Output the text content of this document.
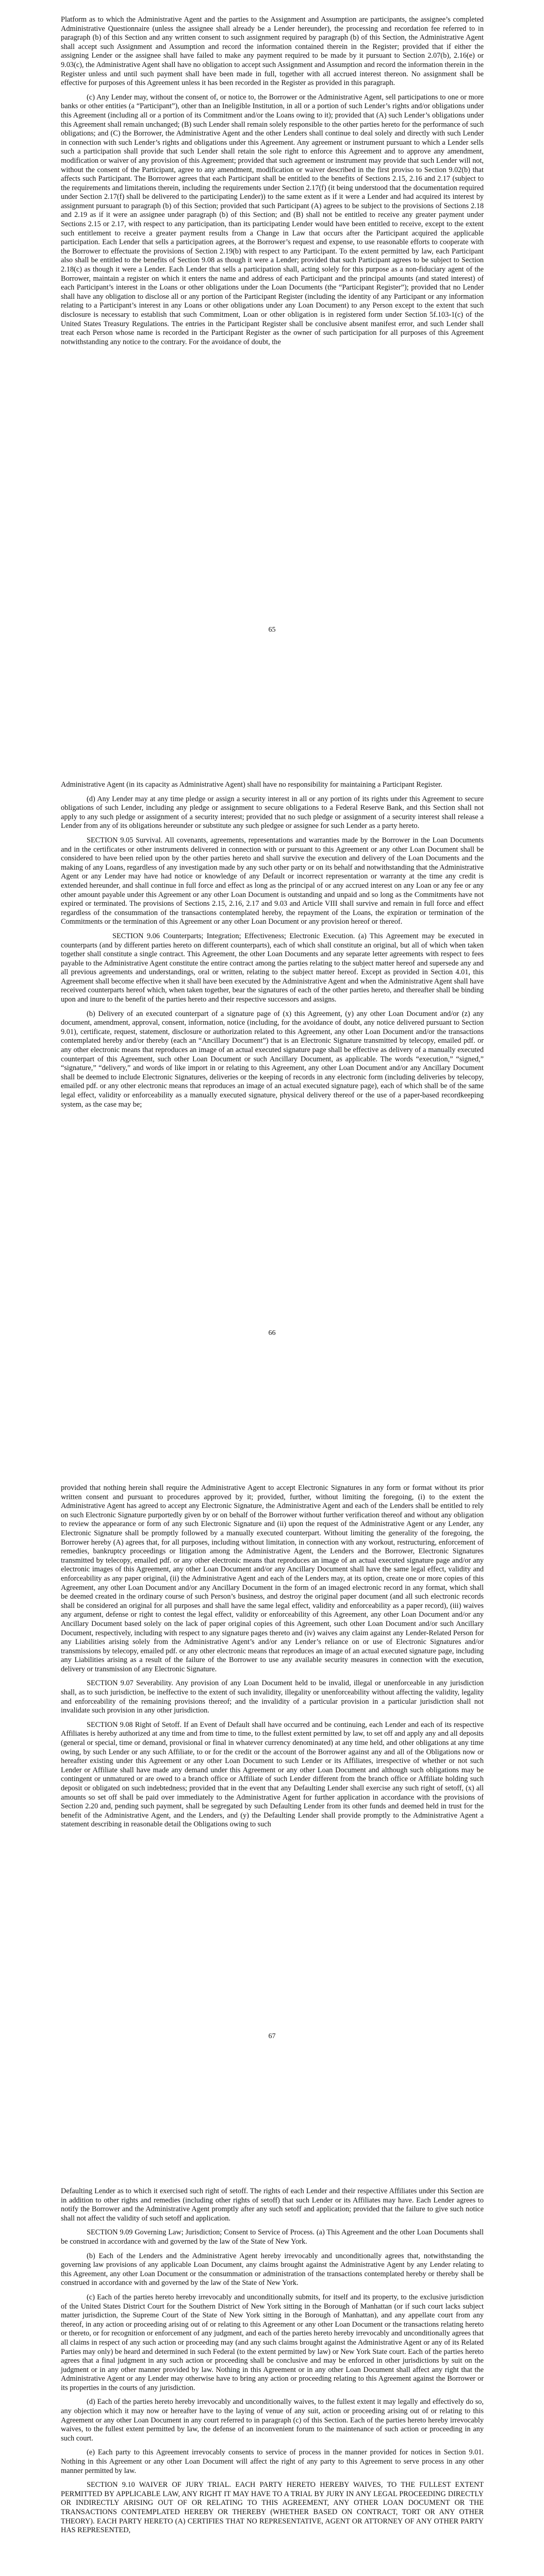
Platform as to which the Administrative Agent and the parties to the Assignment and Assumption are participants, the assignee’s completed Administrative Questionnaire (unless the assignee shall already be a Lender hereunder), the processing and recordation fee referred to in paragraph (b) of this Section and any written consent to such assignment required by paragraph (b) of this Section, the Administrative Agent shall accept such Assignment and Assumption and record the information contained therein in the Register; provided that if either the assigning Lender or the assignee shall have failed to make any payment required to be made by it pursuant to Section 2.07(b), 2.16(e) or 9.03(c), the Administrative Agent shall have no obligation to accept such Assignment and Assumption and record the information therein in the Register unless and until such payment shall have been made in full, together with all accrued interest thereon. No assignment shall be effective for purposes of this Agreement unless it has been recorded in the Register as provided in this paragraph.

(c) Any Lender may, without the consent of, or notice to, the Borrower or the Administrative Agent, sell participations to one or more banks or other entities (a “Participant”), other than an Ineligible Institution, in all or a portion of such Lender’s rights and/or obligations under this Agreement (including all or a portion of its Commitment and/or the Loans owing to it); provided that (A) such Lender’s obligations under this Agreement shall remain unchanged; (B) such Lender shall remain solely responsible to the other parties hereto for the performance of such obligations; and (C) the Borrower, the Administrative Agent and the other Lenders shall continue to deal solely and directly with such Lender in connection with such Lender’s rights and obligations under this Agreement. Any agreement or instrument pursuant to which a Lender sells such a participation shall provide that such Lender shall retain the sole right to enforce this Agreement and to approve any amendment, modification or waiver of any provision of this Agreement; provided that such agreement or instrument may provide that such Lender will not, without the consent of the Participant, agree to any amendment, modification or waiver described in the first proviso to Section 9.02(b) that affects such Participant. The Borrower agrees that each Participant shall be entitled to the benefits of Sections 2.15, 2.16 and 2.17 (subject to the requirements and limitations therein, including the requirements under Section 2.17(f) (it being understood that the documentation required under Section 2.17(f) shall be delivered to the participating Lender)) to the same extent as if it were a Lender and had acquired its interest by assignment pursuant to paragraph (b) of this Section; provided that such Participant (A) agrees to be subject to the provisions of Sections 2.18 and 2.19 as if it were an assignee under paragraph (b) of this Section; and (B) shall not be entitled to receive any greater payment under Sections 2.15 or 2.17, with respect to any participation, than its participating Lender would have been entitled to receive, except to the extent such entitlement to receive a greater payment results from a Change in Law that occurs after the Participant acquired the applicable participation. Each Lender that sells a participation agrees, at the Borrower’s request and expense, to use reasonable efforts to cooperate with the Borrower to effectuate the provisions of Section 2.19(b) with respect to any Participant. To the extent permitted by law, each Participant also shall be entitled to the benefits of Section 9.08 as though it were a Lender; provided that such Participant agrees to be subject to Section 2.18(c) as though it were a Lender. Each Lender that sells a participation shall, acting solely for this purpose as a non-fiduciary agent of the Borrower, maintain a register on which it enters the name and address of each Participant and the principal amounts (and stated interest) of each Participant’s interest in the Loans or other obligations under the Loan Documents (the “Participant Register”); provided that no Lender shall have any obligation to disclose all or any portion of the Participant Register (including the identity of any Participant or any information relating to a Participant’s interest in any Loans or other obligations under any Loan Document) to any Person except to the extent that such disclosure is necessary to establish that such Commitment, Loan or other obligation is in registered form under Section 5f.103-1(c) of the United States Treasury Regulations. The entries in the Participant Register shall be conclusive absent manifest error, and such Lender shall treat each Person whose name is recorded in the Participant Register as the owner of such participation for all purposes of this Agreement notwithstanding any notice to the contrary. For the avoidance of doubt, the

65

Administrative Agent (in its capacity as Administrative Agent) shall have no responsibility for maintaining a Participant Register.

(d) Any Lender may at any time pledge or assign a security interest in all or any portion of its rights under this Agreement to secure obligations of such Lender, including any pledge or assignment to secure obligations to a Federal Reserve Bank, and this Section shall not apply to any such pledge or assignment of a security interest; provided that no such pledge or assignment of a security interest shall release a Lender from any of its obligations hereunder or substitute any such pledgee or assignee for such Lender as a party hereto.

SECTION 9.05 Survival. All covenants, agreements, representations and warranties made by the Borrower in the Loan Documents and in the certificates or other instruments delivered in connection with or pursuant to this Agreement or any other Loan Document shall be considered to have been relied upon by the other parties hereto and shall survive the execution and delivery of the Loan Documents and the making of any Loans, regardless of any investigation made by any such other party or on its behalf and notwithstanding that the Administrative Agent or any Lender may have had notice or knowledge of any Default or incorrect representation or warranty at the time any credit is extended hereunder, and shall continue in full force and effect as long as the principal of or any accrued interest on any Loan or any fee or any other amount payable under this Agreement or any other Loan Document is outstanding and unpaid and so long as the Commitments have not expired or terminated. The provisions of Sections 2.15, 2.16, 2.17 and 9.03 and Article VIII shall survive and remain in full force and effect regardless of the consummation of the transactions contemplated hereby, the repayment of the Loans, the expiration or termination of the Commitments or the termination of this Agreement or any other Loan Document or any provision hereof or thereof.

SECTION 9.06 Counterparts; Integration; Effectiveness; Electronic Execution. (a) This Agreement may be executed in counterparts (and by different parties hereto on different counterparts), each of which shall constitute an original, but all of which when taken together shall constitute a single contract. This Agreement, the other Loan Documents and any separate letter agreements with respect to fees payable to the Administrative Agent constitute the entire contract among the parties relating to the subject matter hereof and supersede any and all previous agreements and understandings, oral or written, relating to the subject matter hereof. Except as provided in Section 4.01, this Agreement shall become effective when it shall have been executed by the Administrative Agent and when the Administrative Agent shall have received counterparts hereof which, when taken together, bear the signatures of each of the other parties hereto, and thereafter shall be binding upon and inure to the benefit of the parties hereto and their respective successors and assigns.

(b) Delivery of an executed counterpart of a signature page of (x) this Agreement, (y) any other Loan Document and/or (z) any document, amendment, approval, consent, information, notice (including, for the avoidance of doubt, any notice delivered pursuant to Section 9.01), certificate, request, statement, disclosure or authorization related to this Agreement, any other Loan Document and/or the transactions contemplated hereby and/or thereby (each an “Ancillary Document”) that is an Electronic Signature transmitted by telecopy, emailed pdf. or any other electronic means that reproduces an image of an actual executed signature page shall be effective as delivery of a manually executed counterpart of this Agreement, such other Loan Document or such Ancillary Document, as applicable. The words “execution,” “signed,” “signature,” “delivery,” and words of like import in or relating to this Agreement, any other Loan Document and/or any Ancillary Document shall be deemed to include Electronic Signatures, deliveries or the keeping of records in any electronic form (including deliveries by telecopy, emailed pdf. or any other electronic means that reproduces an image of an actual executed signature page), each of which shall be of the same legal effect, validity or enforceability as a manually executed signature, physical delivery thereof or the use of a paper-based recordkeeping system, as the case may be;

66

provided that nothing herein shall require the Administrative Agent to accept Electronic Signatures in any form or format without its prior written consent and pursuant to procedures approved by it; provided, further, without limiting the foregoing, (i) to the extent the Administrative Agent has agreed to accept any Electronic Signature, the Administrative Agent and each of the Lenders shall be entitled to rely on such Electronic Signature purportedly given by or on behalf of the Borrower without further verification thereof and without any obligation to review the appearance or form of any such Electronic Signature and (ii) upon the request of the Administrative Agent or any Lender, any Electronic Signature shall be promptly followed by a manually executed counterpart. Without limiting the generality of the foregoing, the Borrower hereby (A) agrees that, for all purposes, including without limitation, in connection with any workout, restructuring, enforcement of remedies, bankruptcy proceedings or litigation among the Administrative Agent, the Lenders and the Borrower, Electronic Signatures transmitted by telecopy, emailed pdf. or any other electronic means that reproduces an image of an actual executed signature page and/or any electronic images of this Agreement, any other Loan Document and/or any Ancillary Document shall have the same legal effect, validity and enforceability as any paper original, (ii) the Administrative Agent and each of the Lenders may, at its option, create one or more copies of this Agreement, any other Loan Document and/or any Ancillary Document in the form of an imaged electronic record in any format, which shall be deemed created in the ordinary course of such Person’s business, and destroy the original paper document (and all such electronic records shall be considered an original for all purposes and shall have the same legal effect, validity and enforceability as a paper record), (iii) waives any argument, defense or right to contest the legal effect, validity or enforceability of this Agreement, any other Loan Document and/or any Ancillary Document based solely on the lack of paper original copies of this Agreement, such other Loan Document and/or such Ancillary Document, respectively, including with respect to any signature pages thereto and (iv) waives any claim against any Lender-Related Person for any Liabilities arising solely from the Administrative Agent’s and/or any Lender’s reliance on or use of Electronic Signatures and/or transmissions by telecopy, emailed pdf. or any other electronic means that reproduces an image of an actual executed signature page, including any Liabilities arising as a result of the failure of the Borrower to use any available security measures in connection with the execution, delivery or transmission of any Electronic Signature.

SECTION 9.07 Severability. Any provision of any Loan Document held to be invalid, illegal or unenforceable in any jurisdiction shall, as to such jurisdiction, be ineffective to the extent of such invalidity, illegality or unenforceability without affecting the validity, legality and enforceability of the remaining provisions thereof; and the invalidity of a particular provision in a particular jurisdiction shall not invalidate such provision in any other jurisdiction.

SECTION 9.08 Right of Setoff. If an Event of Default shall have occurred and be continuing, each Lender and each of its respective Affiliates is hereby authorized at any time and from time to time, to the fullest extent permitted by law, to set off and apply any and all deposits (general or special, time or demand, provisional or final in whatever currency denominated) at any time held, and other obligations at any time owing, by such Lender or any such Affiliate, to or for the credit or the account of the Borrower against any and all of the Obligations now or hereafter existing under this Agreement or any other Loan Document to such Lender or its Affiliates, irrespective of whether or not such Lender or Affiliate shall have made any demand under this Agreement or any other Loan Document and although such obligations may be contingent or unmatured or are owed to a branch office or Affiliate of such Lender different from the branch office or Affiliate holding such deposit or obligated on such indebtedness; provided that in the event that any Defaulting Lender shall exercise any such right of setoff, (x) all amounts so set off shall be paid over immediately to the Administrative Agent for further application in accordance with the provisions of Section 2.20 and, pending such payment, shall be segregated by such Defaulting Lender from its other funds and deemed held in trust for the benefit of the Administrative Agent, and the Lenders, and (y) the Defaulting Lender shall provide promptly to the Administrative Agent a statement describing in reasonable detail the Obligations owing to such

67

Defaulting Lender as to which it exercised such right of setoff. The rights of each Lender and their respective Affiliates under this Section are in addition to other rights and remedies (including other rights of setoff) that such Lender or its Affiliates may have. Each Lender agrees to notify the Borrower and the Administrative Agent promptly after any such setoff and application; provided that the failure to give such notice shall not affect the validity of such setoff and application.

SECTION 9.09 Governing Law; Jurisdiction; Consent to Service of Process. (a) This Agreement and the other Loan Documents shall be construed in accordance with and governed by the law of the State of New York.

(b) Each of the Lenders and the Administrative Agent hereby irrevocably and unconditionally agrees that, notwithstanding the governing law provisions of any applicable Loan Document, any claims brought against the Administrative Agent by any Lender relating to this Agreement, any other Loan Document or the consummation or administration of the transactions contemplated hereby or thereby shall be construed in accordance with and governed by the law of the State of New York.

(c) Each of the parties hereto hereby irrevocably and unconditionally submits, for itself and its property, to the exclusive jurisdiction of the United States District Court for the Southern District of New York sitting in the Borough of Manhattan (or if such court lacks subject matter jurisdiction, the Supreme Court of the State of New York sitting in the Borough of Manhattan), and any appellate court from any thereof, in any action or proceeding arising out of or relating to this Agreement or any other Loan Document or the transactions relating hereto or thereto, or for recognition or enforcement of any judgment, and each of the parties hereto hereby irrevocably and unconditionally agrees that all claims in respect of any such action or proceeding may (and any such claims brought against the Administrative Agent or any of its Related Parties may only) be heard and determined in such Federal (to the extent permitted by law) or New York State court. Each of the parties hereto agrees that a final judgment in any such action or proceeding shall be conclusive and may be enforced in other jurisdictions by suit on the judgment or in any other manner provided by law. Nothing in this Agreement or in any other Loan Document shall affect any right that the Administrative Agent or any Lender may otherwise have to bring any action or proceeding relating to this Agreement against the Borrower or its properties in the courts of any jurisdiction.

(d) Each of the parties hereto hereby irrevocably and unconditionally waives, to the fullest extent it may legally and effectively do so, any objection which it may now or hereafter have to the laying of venue of any suit, action or proceeding arising out of or relating to this Agreement or any other Loan Document in any court referred to in paragraph (c) of this Section. Each of the parties hereto hereby irrevocably waives, to the fullest extent permitted by law, the defense of an inconvenient forum to the maintenance of such action or proceeding in any such court.

(e) Each party to this Agreement irrevocably consents to service of process in the manner provided for notices in Section 9.01. Nothing in this Agreement or any other Loan Document will affect the right of any party to this Agreement to serve process in any other manner permitted by law.

SECTION 9.10 WAIVER OF JURY TRIAL. EACH PARTY HERETO HEREBY WAIVES, TO THE FULLEST EXTENT PERMITTED BY APPLICABLE LAW, ANY RIGHT IT MAY HAVE TO A TRIAL BY JURY IN ANY LEGAL PROCEEDING DIRECTLY OR INDIRECTLY ARISING OUT OF OR RELATING TO THIS AGREEMENT, ANY OTHER LOAN DOCUMENT OR THE TRANSACTIONS CONTEMPLATED HEREBY OR THEREBY (WHETHER BASED ON CONTRACT, TORT OR ANY OTHER THEORY). EACH PARTY HERETO (A) CERTIFIES THAT NO REPRESENTATIVE, AGENT OR ATTORNEY OF ANY OTHER PARTY HAS REPRESENTED,
